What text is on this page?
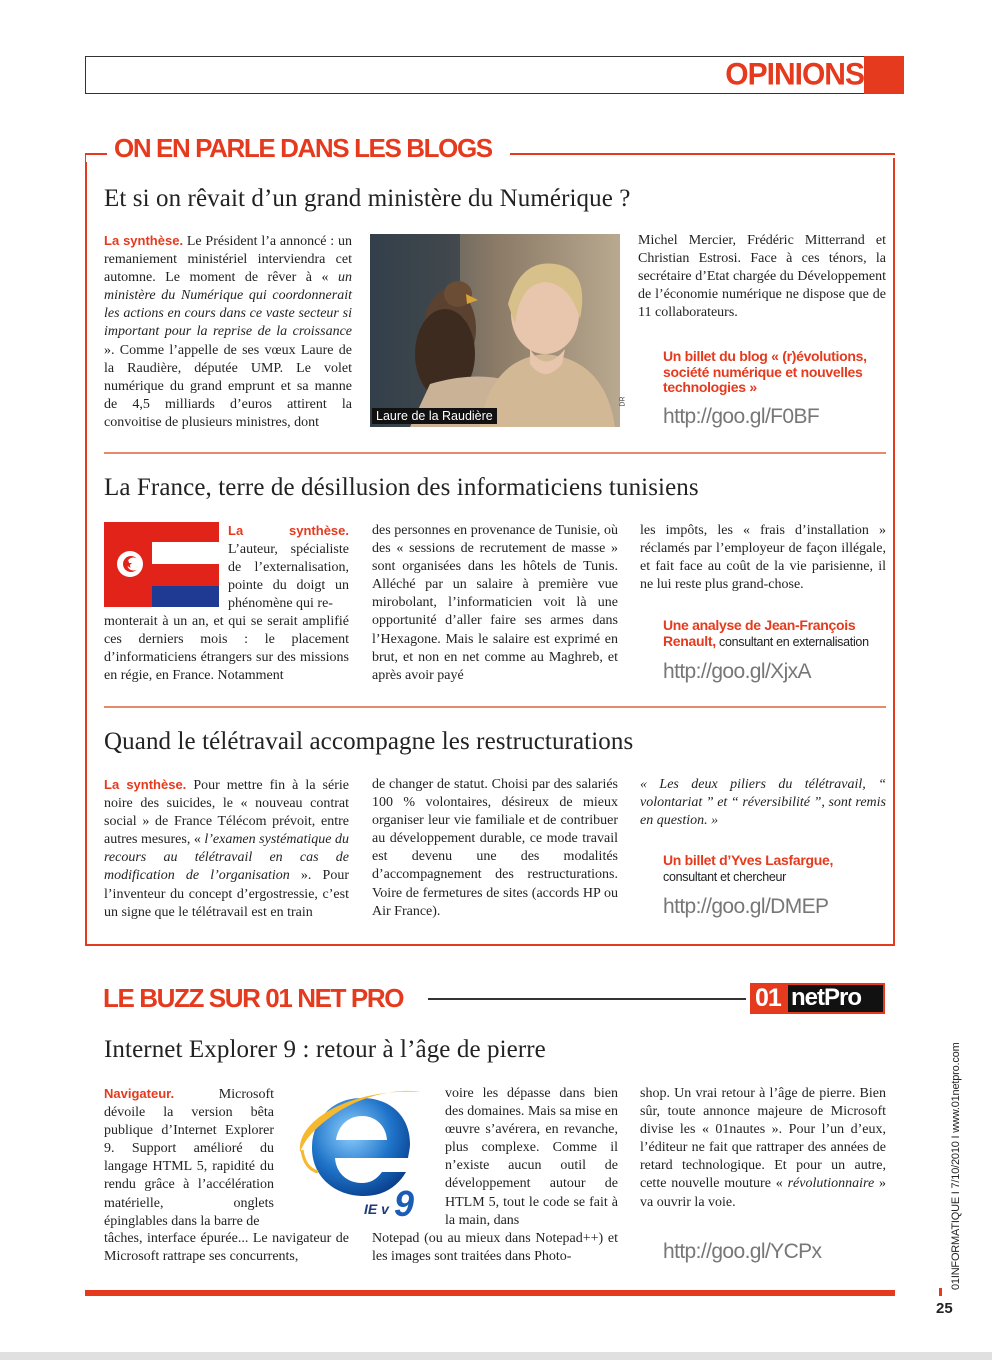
OPINIONS
ON EN PARLE DANS LES BLOGS
Et si on rêvait d’un grand ministère du Numérique ?
La synthèse. Le Président l’a annoncé : un remaniement ministériel interviendra cet automne. Le moment de rêver à « un ministère du Numérique qui coordonnerait les actions en cours dans ce vaste secteur si important pour la reprise de la croissance ». Comme l’appelle de ses vœux Laure de la Raudière, députée UMP. Le volet numérique du grand emprunt et sa manne de 4,5 milliards d’euros attirent la convoitise de plusieurs ministres, dont	Laure de la Raudière
DR
Michel Mercier, Frédéric Mitterrand et Christian Estrosi. Face à ces ténors, la secrétaire d’Etat chargée du Développement de l’économie numérique ne dispose que de 11 collaborateurs.
Un billet du blog « (r)évolutions, société numérique et nouvelles technologies »
http://goo.gl/F0BF
La France, terre de désillusion des informaticiens tunisiens
La synthèse. L’auteur, spécialiste de l’externalisation, pointe du doigt un phénomène qui re-
monterait à un an, et qui se serait amplifié ces derniers mois : le placement d’informaticiens étrangers sur des missions en régie, en France. Notamment
des personnes en provenance de Tunisie, où des « sessions de recrutement de masse » sont organisées dans les hôtels de Tunis. Alléché par un salaire à première vue mirobolant, l’informaticien voit là une opportunité d’aller faire ses armes dans l’Hexagone. Mais le salaire est exprimé en brut, et non en net comme au Maghreb, et après avoir payé
les impôts, les « frais d’installation » réclamés par l’employeur de façon illégale, et fait face au coût de la vie parisienne, il ne lui reste plus grand-chose.
Une analyse de Jean-François Renault, consultant en externalisation
http://goo.gl/XjxA
Quand le télétravail accompagne les restructurations
La synthèse. Pour mettre fin à la série noire des suicides, le « nouveau contrat social » de France Télécom prévoit, entre autres mesures, « l’examen systématique du recours au télétravail en cas de modification de l’organisation ». Pour l’inventeur du concept d’ergostressie, c’est un signe que le télétravail est en train
de changer de statut. Choisi par des salariés 100 % volontaires, désireux de mieux organiser leur vie familiale et de contribuer au développement durable, ce mode travail est devenu une des modalités d’accompagnement des restructurations. Voire de fermetures de sites (accords HP ou Air France).
« Les deux piliers du télétravail, “ volontariat ” et “ réversibilité ”, sont remis en question. »
Un billet d’Yves Lasfargue,
consultant et chercheur
http://goo.gl/DMEP
LE BUZZ SUR 01 NET PRO	01 netPro
Internet Explorer 9 : retour à l’âge de pierre
Navigateur. Microsoft dévoile la version bêta publique d’Internet Explorer 9. Support amélioré du langage HTML 5, rapidité du rendu grâce à l’accélération matérielle, onglets épinglables dans la barre de
tâches, interface épurée... Le navigateur de Microsoft rattrape ses concurrents,
IE v 9
voire les dépasse dans bien des domaines. Mais sa mise en œuvre s’avérera, en revanche, plus complexe. Comme il n’existe aucun outil de développement autour de HTLM 5, tout le code se fait à la main, dans
Notepad (ou au mieux dans Notepad++) et les images sont traitées dans Photo-
shop. Un vrai retour à l’âge de pierre. Bien sûr, toute annonce majeure de Microsoft divise les « 01nautes ». Pour l’un d’eux, l’éditeur ne fait que rattraper des années de retard technologique. Et pour un autre, cette nouvelle mouture « révolutionnaire » va ouvrir la voie.
http://goo.gl/YCPx	01INFORMATIQUE I 7/10/2010 I www.01netpro.com
25
